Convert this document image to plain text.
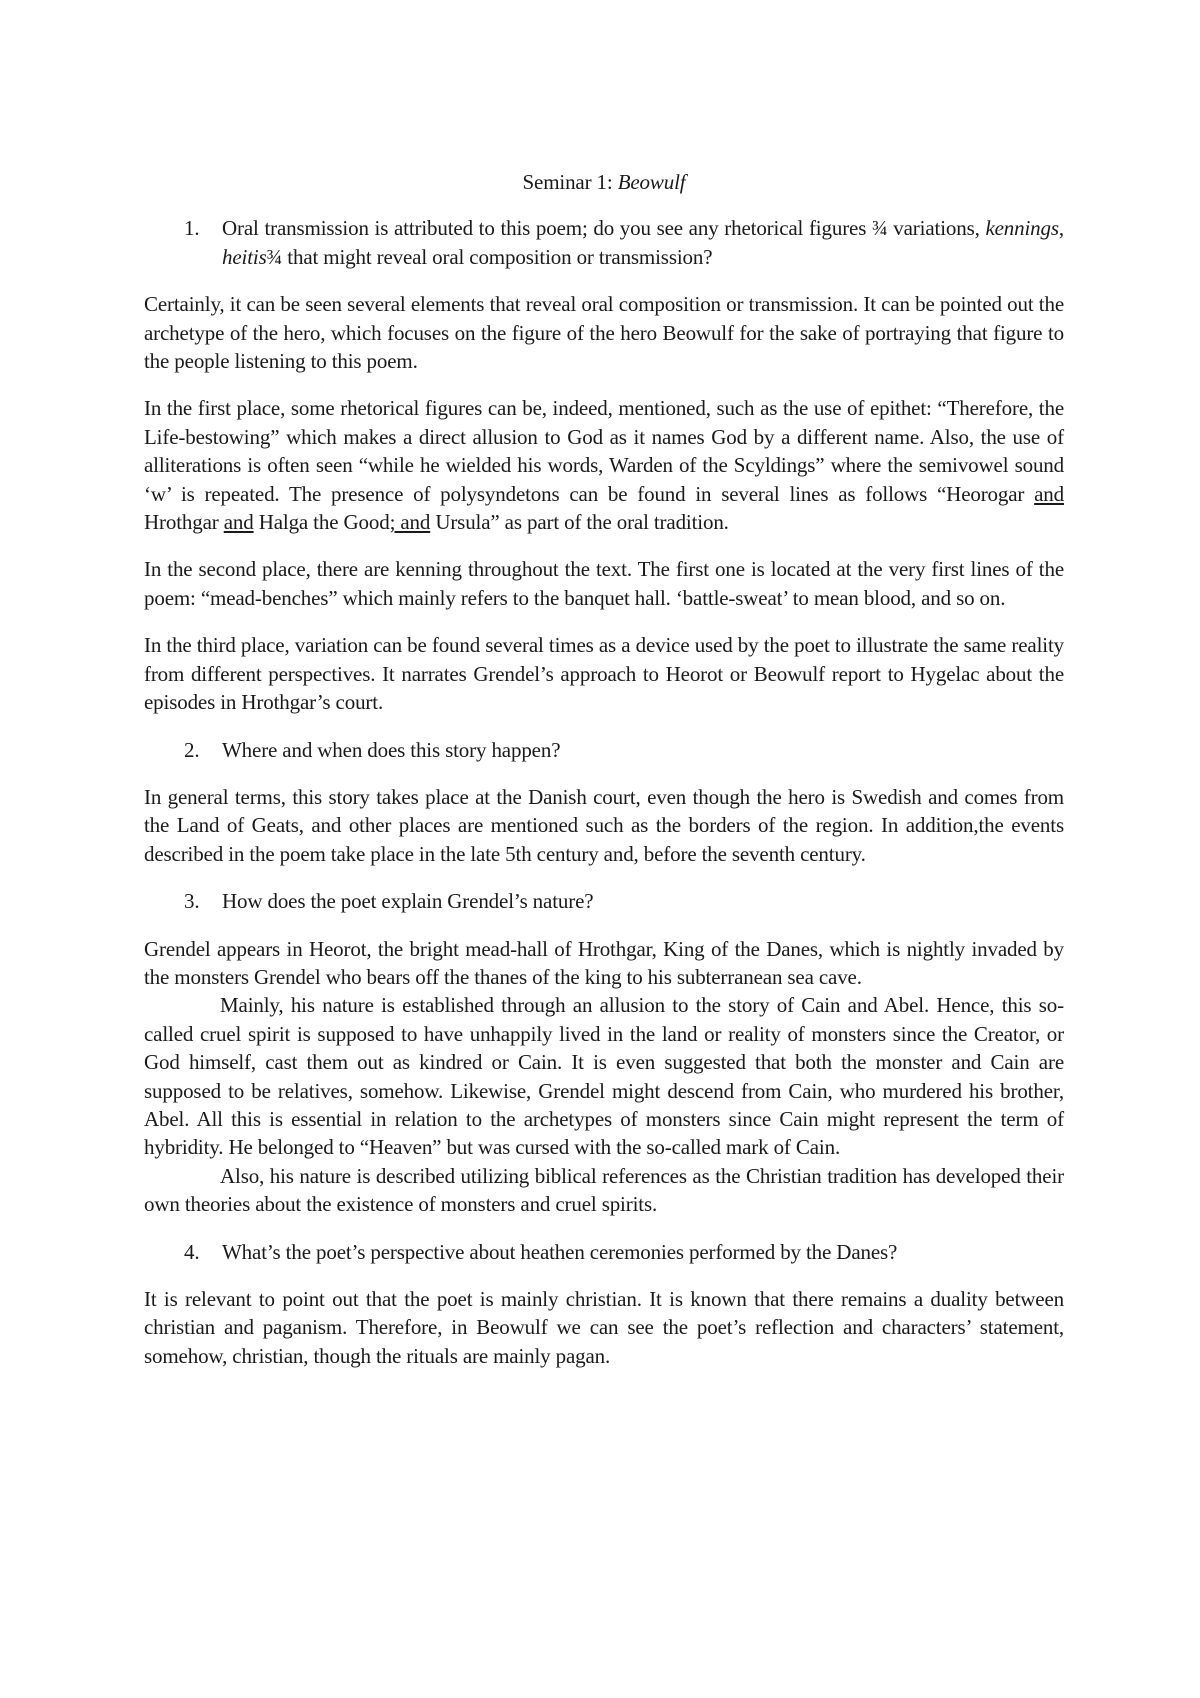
Seminar 1: Beowulf
1.	Oral transmission is attributed to this poem; do you see any rhetorical figures ¾ variations, kennings, heitis¾ that might reveal oral composition or transmission?

Certainly, it can be seen several elements that reveal oral composition or transmission. It can be pointed out the archetype of the hero, which focuses on the figure of the hero Beowulf for the sake of portraying that figure to the people listening to this poem.

In the first place, some rhetorical figures can be, indeed, mentioned, such as the use of epithet: “Therefore, the Life-bestowing” which makes a direct allusion to God as it names God by a different name. Also, the use of alliterations is often seen “while he wielded his words, Warden of the Scyldings” where the semivowel sound ‘w’ is repeated. The presence of polysyndetons can be found in several lines as follows “Heorogar and Hrothgar and Halga the Good; and Ursula” as part of the oral tradition.

In the second place, there are kenning throughout the text. The first one is located at the very first lines of the poem: “mead-benches” which mainly refers to the banquet hall. ‘battle-sweat’ to mean blood, and so on.

In the third place, variation can be found several times as a device used by the poet to illustrate the same reality from different perspectives. It narrates Grendel’s approach to Heorot or Beowulf report to Hygelac about the episodes in Hrothgar’s court.

2.	Where and when does this story happen?

In general terms, this story takes place at the Danish court, even though the hero is Swedish and comes from the Land of Geats, and other places are mentioned such as the borders of the region. In addition,the events described in the poem take place in the late 5th century and, before the seventh century.

3.	How does the poet explain Grendel’s nature?

Grendel appears in Heorot, the bright mead-hall of Hrothgar, King of the Danes, which is nightly invaded by the monsters Grendel who bears off the thanes of the king to his subterranean sea cave.

Mainly, his nature is established through an allusion to the story of Cain and Abel. Hence, this so-called cruel spirit is supposed to have unhappily lived in the land or reality of monsters since the Creator, or God himself, cast them out as kindred or Cain. It is even suggested that both the monster and Cain are supposed to be relatives, somehow. Likewise, Grendel might descend from Cain, who murdered his brother, Abel. All this is essential in relation to the archetypes of monsters since Cain might represent the term of hybridity. He belonged to “Heaven” but was cursed with the so-called mark of Cain.

Also, his nature is described utilizing biblical references as the Christian tradition has developed their own theories about the existence of monsters and cruel spirits.

4.	What’s the poet’s perspective about heathen ceremonies performed by the Danes?

It is relevant to point out that the poet is mainly christian. It is known that there remains a duality between christian and paganism. Therefore, in Beowulf we can see the poet’s reflection and characters’ statement, somehow, christian, though the rituals are mainly pagan.
